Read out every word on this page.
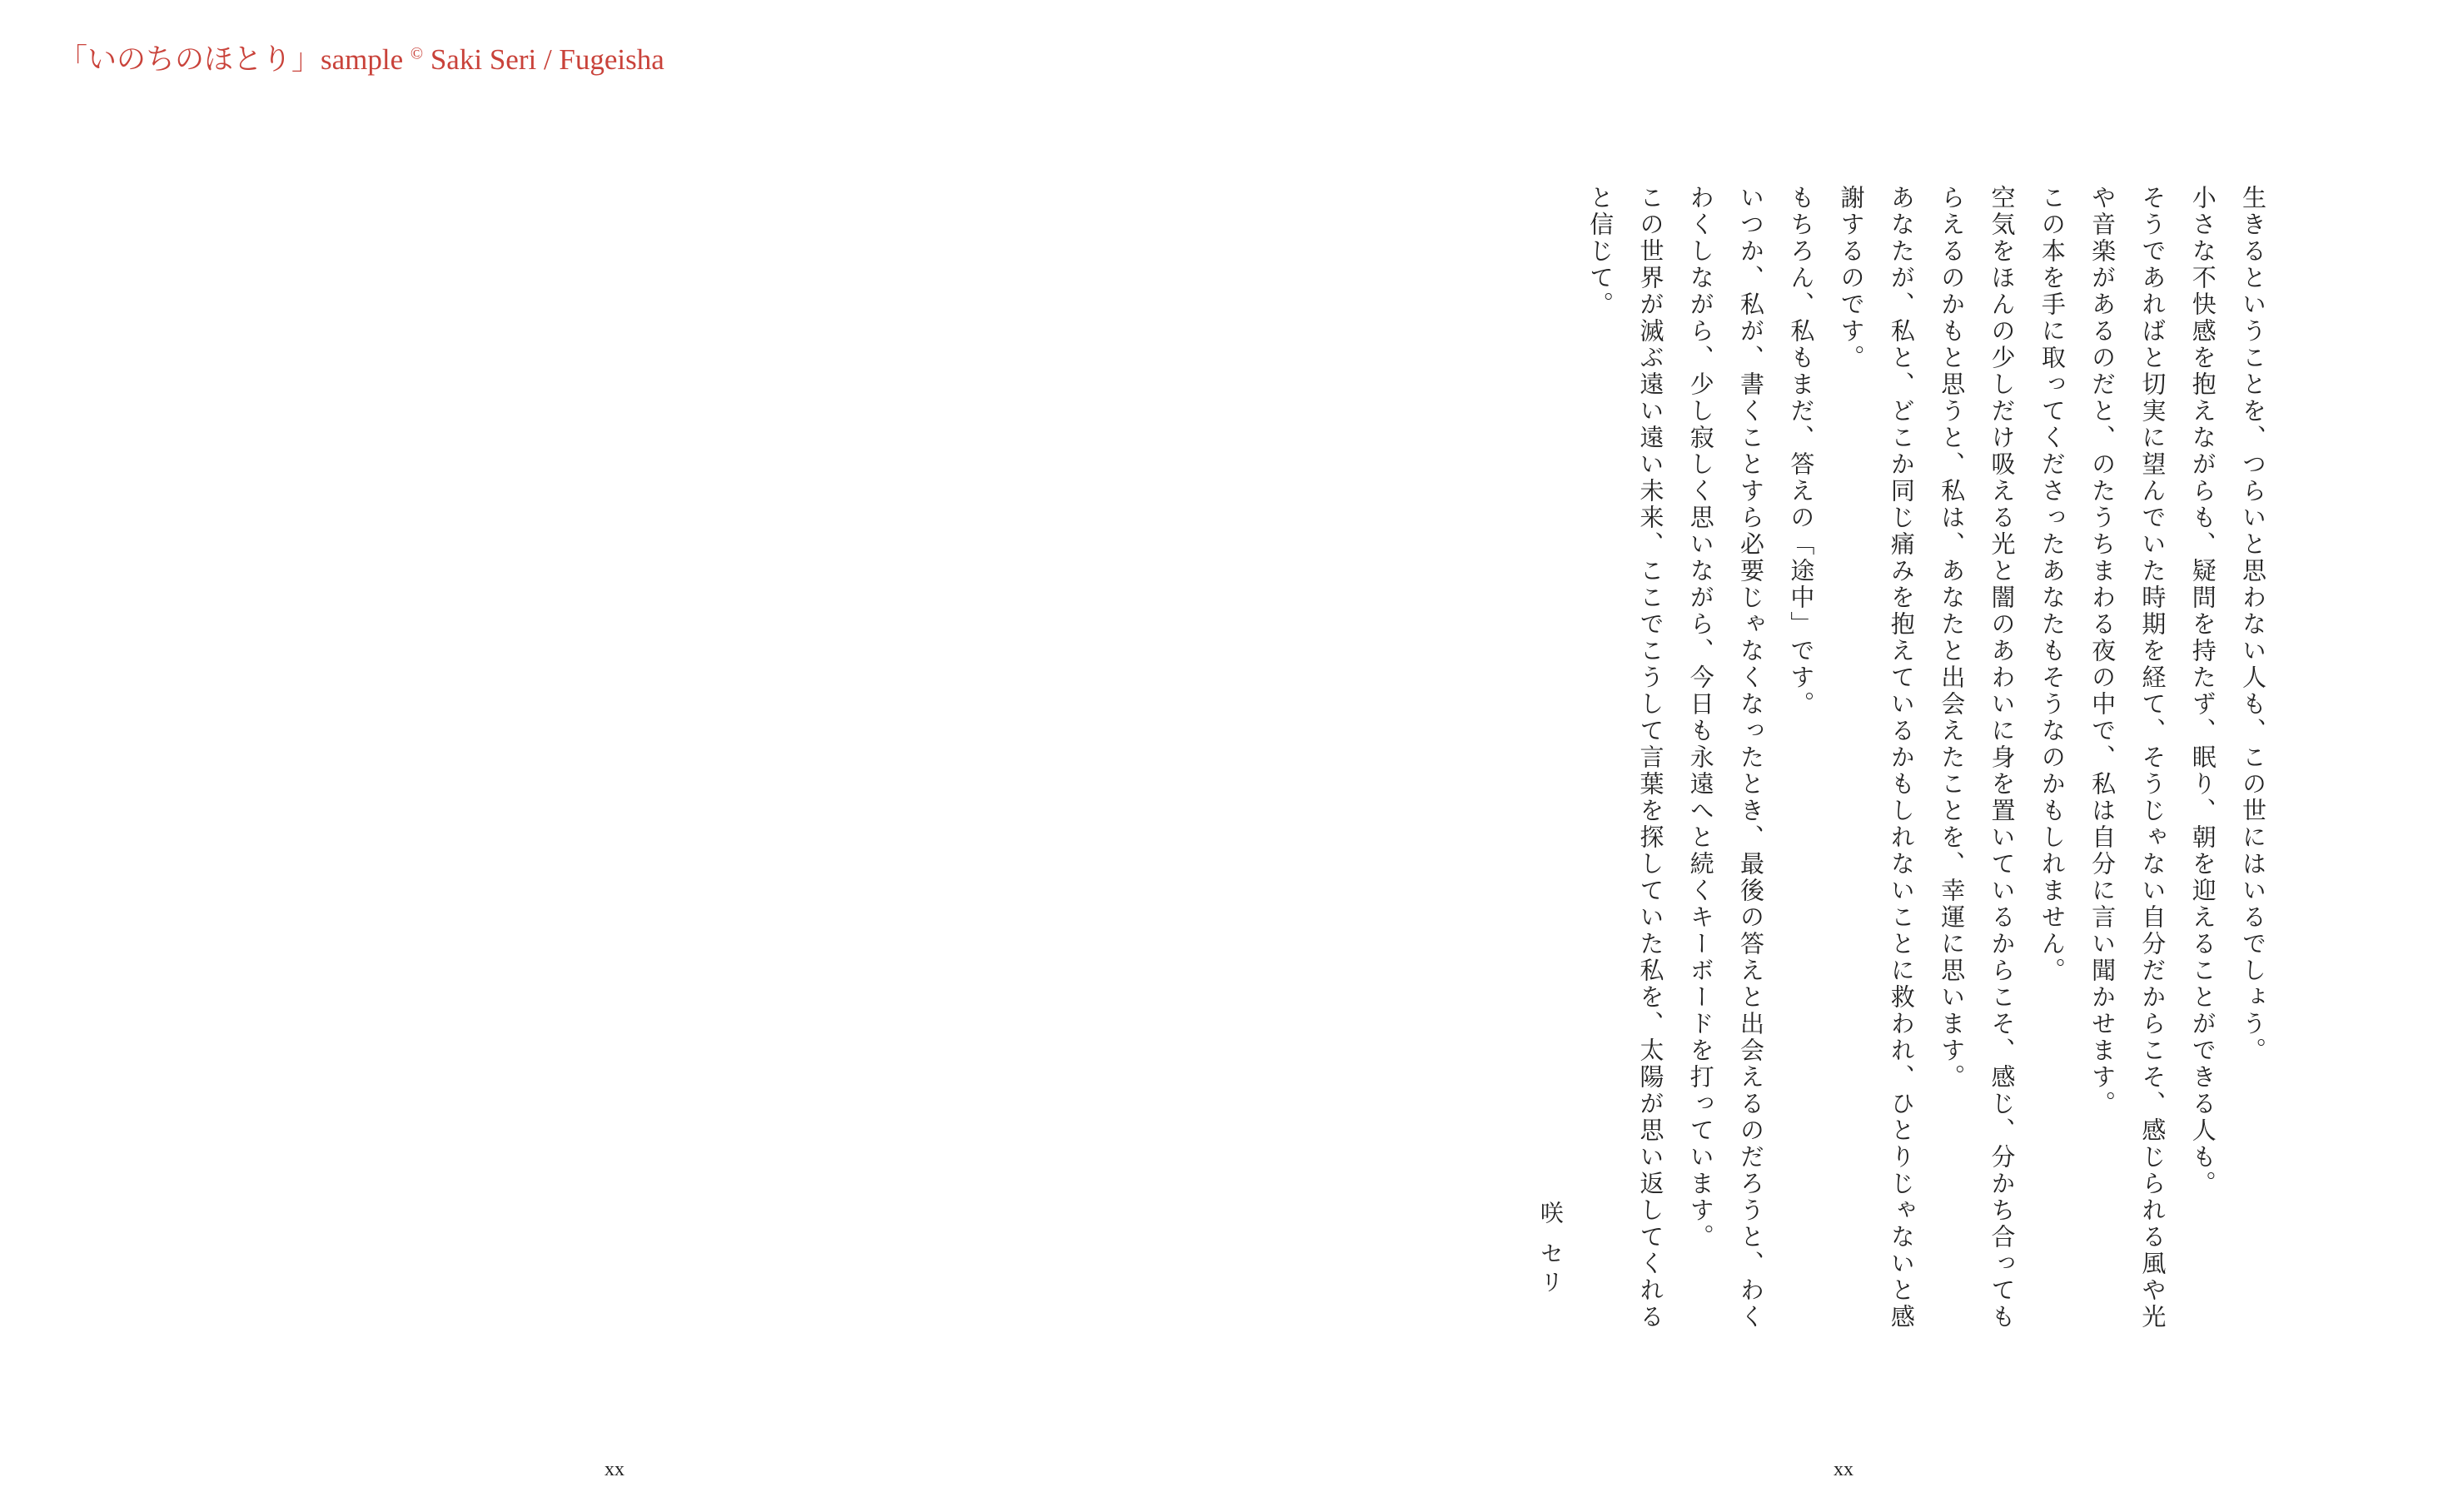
「いのちのほとり」sample © Saki Seri / Fugeisha
xx

生きるということを、つらいと思わない人も、この世にはいるでしょう。

小さな不快感を抱えながらも、疑問を持たず、眠り、朝を迎えることができる人も。

そうであればと切実に望んでいた時期を経て、そうじゃない自分だからこそ、感じられる風や光や音楽があるのだと、のたうちまわる夜の中で、私は自分に言い聞かせます。

この本を手に取ってくださったあなたもそうなのかもしれません。

空気をほんの少しだけ吸える光と闇のあわいに身を置いているからこそ、感じ、分かち合ってもらえるのかもと思うと、私は、あなたと出会えたことを、幸運に思います。

あなたが、私と、どこか同じ痛みを抱えているかもしれないことに救われ、ひとりじゃないと感謝するのです。

もちろん、私もまだ、答えの「途中」です。

いつか、私が、書くことすら必要じゃなくなったとき、最後の答えと出会えるのだろうと、わくわくしながら、少し寂しく思いながら、今日も永遠へと続くキーボードを打っています。

この世界が滅ぶ遠い遠い未来、ここでこうして言葉を探していた私を、太陽が思い返してくれると信じて。

咲 セリ

xx
